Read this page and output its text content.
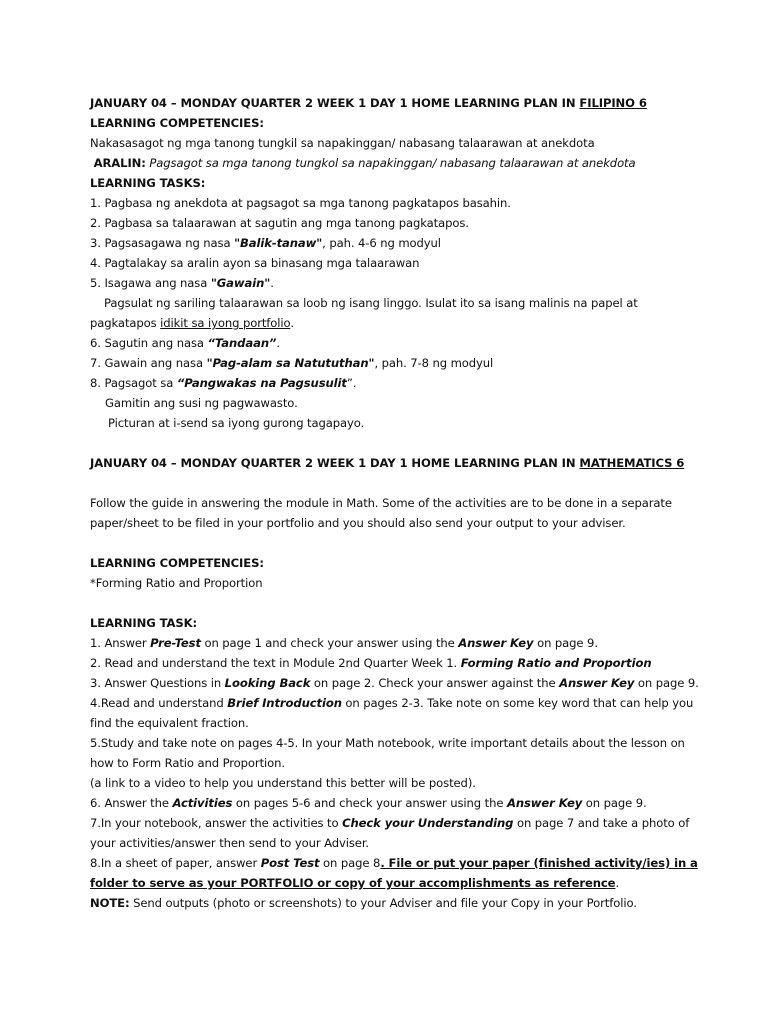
JANUARY 04 – MONDAY QUARTER 2 WEEK 1 DAY 1 HOME LEARNING PLAN IN FILIPINO 6
LEARNING COMPETENCIES:
Nakasasagot ng mga tanong tungkil sa napakinggan/ nabasang talaarawan at anekdota
ARALIN: Pagsagot sa mga tanong tungkol sa napakinggan/ nabasang talaarawan at anekdota
LEARNING TASKS:
1. Pagbasa ng anekdota at pagsagot sa mga tanong pagkatapos basahin.
2. Pagbasa sa talaarawan at sagutin ang mga tanong pagkatapos.
3. Pagsasagawa ng nasa "Balik-tanaw", pah. 4-6 ng modyul
4. Pagtalakay sa aralin ayon sa binasang mga talaarawan
5. Isagawa ang nasa "Gawain".
Pagsulat ng sariling talaarawan sa loob ng isang linggo. Isulat ito sa isang malinis na papel at
pagkatapos idikit sa iyong portfolio.
6. Sagutin ang nasa “Tandaan”.
7. Gawain ang nasa "Pag-alam sa Natututhan", pah. 7-8 ng modyul
8. Pagsagot sa “Pangwakas na Pagsusulit”.
Gamitin ang susi ng pagwawasto.
Picturan at i-send sa iyong gurong tagapayo.
JANUARY 04 – MONDAY QUARTER 2 WEEK 1 DAY 1 HOME LEARNING PLAN IN MATHEMATICS 6
Follow the guide in answering the module in Math. Some of the activities are to be done in a separate
paper/sheet to be filed in your portfolio and you should also send your output to your adviser.
LEARNING COMPETENCIES:
*Forming Ratio and Proportion
LEARNING TASK:
1. Answer Pre-Test on page 1 and check your answer using the Answer Key on page 9.
2. Read and understand the text in Module 2nd Quarter Week 1. Forming Ratio and Proportion
3. Answer Questions in Looking Back on page 2. Check your answer against the Answer Key on page 9.
4.Read and understand Brief Introduction on pages 2-3. Take note on some key word that can help you
find the equivalent fraction.
5.Study and take note on pages 4-5. In your Math notebook, write important details about the lesson on
how to Form Ratio and Proportion.
(a link to a video to help you understand this better will be posted).
6. Answer the Activities on pages 5-6 and check your answer using the Answer Key on page 9.
7.In your notebook, answer the activities to Check your Understanding on page 7 and take a photo of
your activities/answer then send to your Adviser.
8.In a sheet of paper, answer Post Test on page 8. File or put your paper (finished activity/ies) in a
folder to serve as your PORTFOLIO or copy of your accomplishments as reference.
NOTE: Send outputs (photo or screenshots) to your Adviser and file your Copy in your Portfolio.
